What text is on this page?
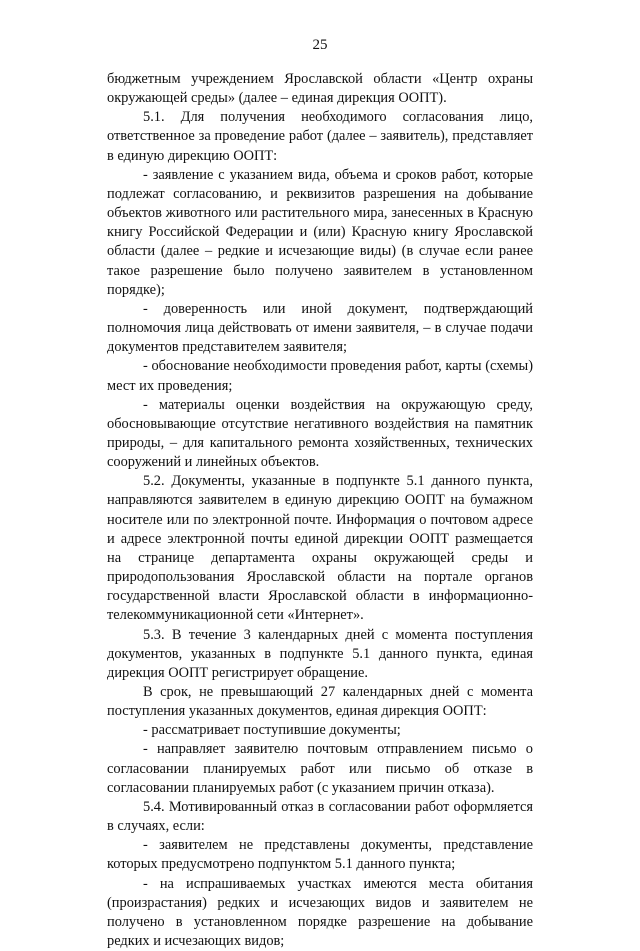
25

бюджетным учреждением Ярославской области «Центр охраны окружающей среды» (далее – единая дирекция ООПТ).

5.1. Для получения необходимого согласования лицо, ответственное за проведение работ (далее – заявитель), представляет в единую дирекцию ООПТ:

- заявление с указанием вида, объема и сроков работ, которые подлежат согласованию, и реквизитов разрешения на добывание объектов животного или растительного мира, занесенных в Красную книгу Российской Федерации и (или) Красную книгу Ярославской области (далее – редкие и исчезающие виды) (в случае если ранее такое разрешение было получено заявителем в установленном порядке);

- доверенность или иной документ, подтверждающий полномочия лица действовать от имени заявителя, – в случае подачи документов представителем заявителя;

- обоснование необходимости проведения работ, карты (схемы) мест их проведения;

- материалы оценки воздействия на окружающую среду, обосновывающие отсутствие негативного воздействия на памятник природы, – для капитального ремонта хозяйственных, технических сооружений и линейных объектов.

5.2. Документы, указанные в подпункте 5.1 данного пункта, направляются заявителем в единую дирекцию ООПТ на бумажном носителе или по электронной почте. Информация о почтовом адресе и адресе электронной почты единой дирекции ООПТ размещается на странице департамента охраны окружающей среды и природопользования Ярославской области на портале органов государственной власти Ярославской области в информационно-телекоммуникационной сети «Интернет».

5.3. В течение 3 календарных дней с момента поступления документов, указанных в подпункте 5.1 данного пункта, единая дирекция ООПТ регистрирует обращение.

В срок, не превышающий 27 календарных дней с момента поступления указанных документов, единая дирекция ООПТ:

- рассматривает поступившие документы;

- направляет заявителю почтовым отправлением письмо о согласовании планируемых работ или письмо об отказе в согласовании планируемых работ (с указанием причин отказа).

5.4. Мотивированный отказ в согласовании работ оформляется в случаях, если:

- заявителем не представлены документы, представление которых предусмотрено подпунктом 5.1 данного пункта;

- на испрашиваемых участках имеются места обитания (произрастания) редких и исчезающих видов и заявителем не получено в установленном порядке разрешение на добывание редких и исчезающих видов;
